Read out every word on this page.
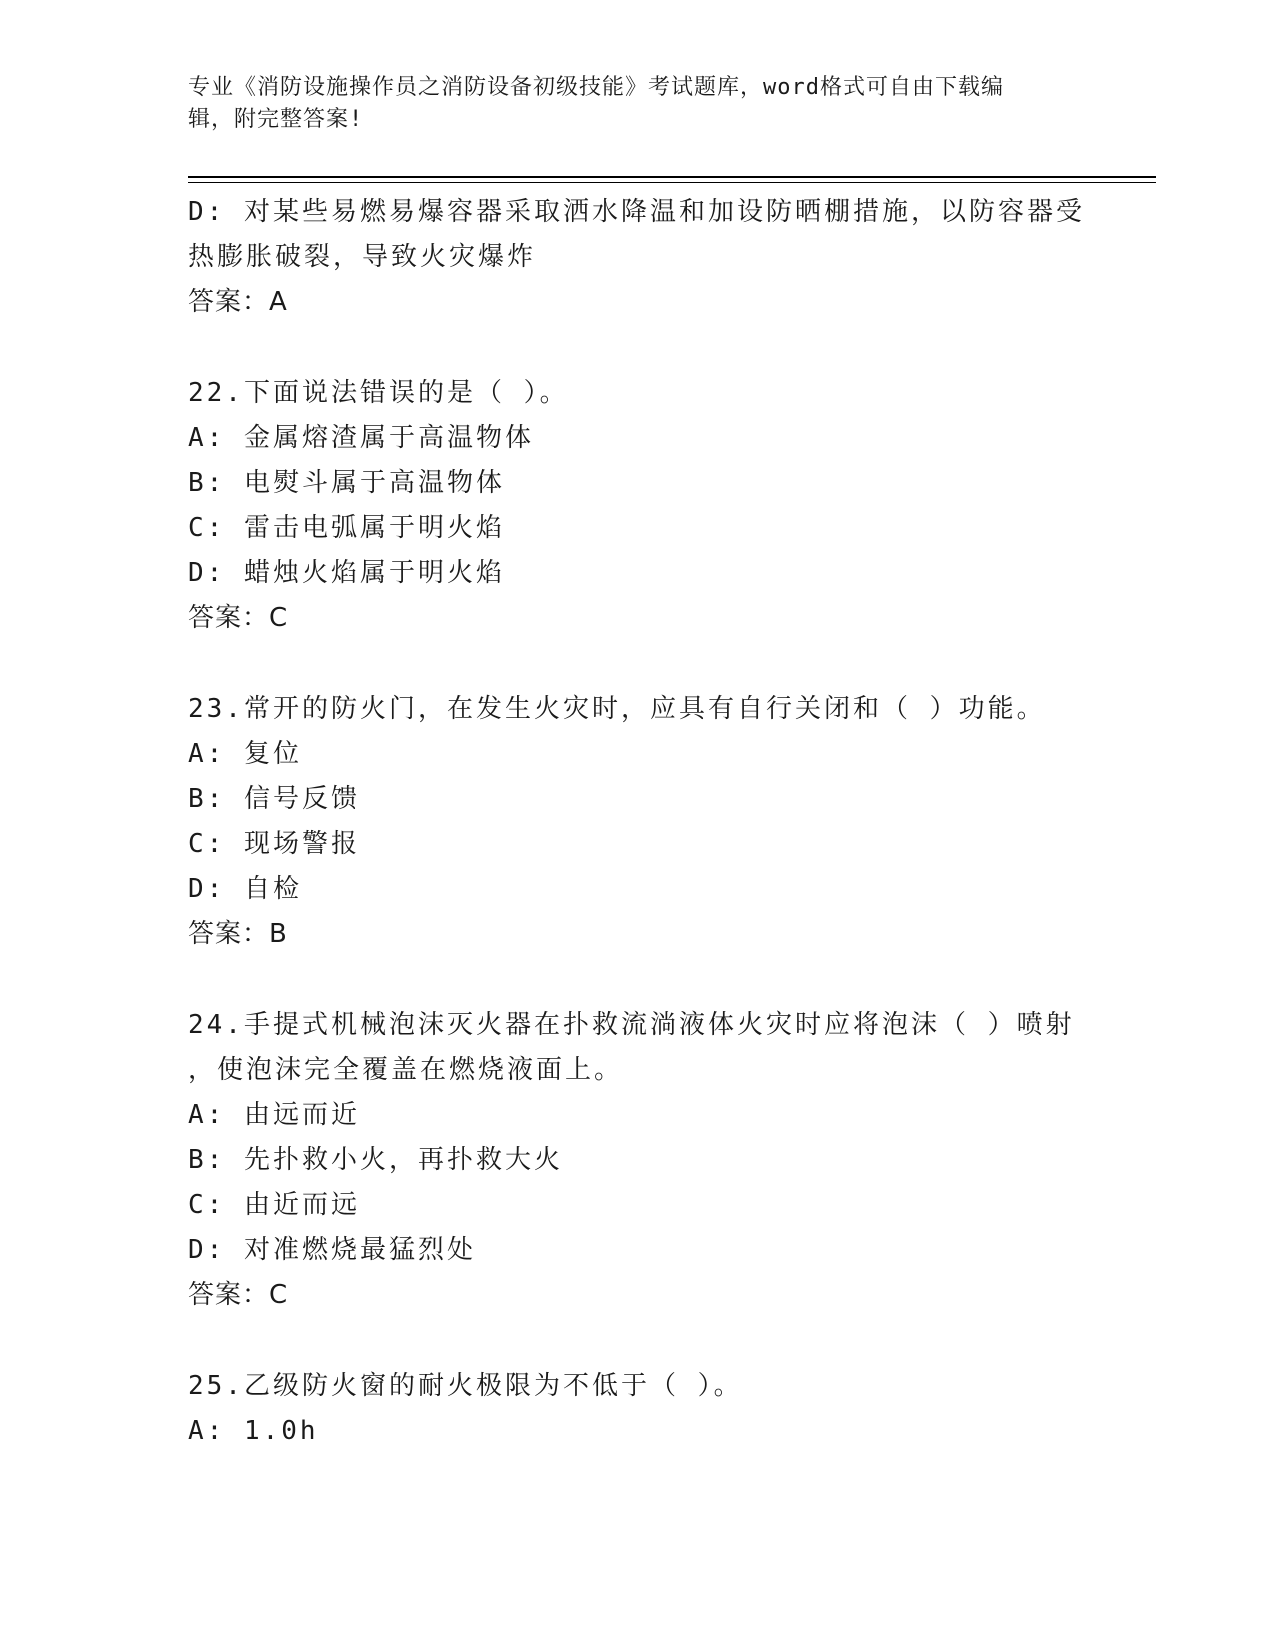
专业《消防设施操作员之消防设备初级技能》考试题库，word格式可自由下载编
辑，附完整答案!
D: 对某些易燃易爆容器采取洒水降温和加设防晒棚措施，以防容器受
热膨胀破裂，导致火灾爆炸
答案：A
22.下面说法错误的是（ ）。
A: 金属熔渣属于高温物体
B: 电熨斗属于高温物体
C: 雷击电弧属于明火焰
D: 蜡烛火焰属于明火焰
答案：C
23.常开的防火门，在发生火灾时，应具有自行关闭和（ ）功能。
A: 复位
B: 信号反馈
C: 现场警报
D: 自检
答案：B
24.手提式机械泡沫灭火器在扑救流淌液体火灾时应将泡沫（ ）喷射
，使泡沫完全覆盖在燃烧液面上。
A: 由远而近
B: 先扑救小火，再扑救大火
C: 由近而远
D: 对准燃烧最猛烈处
答案：C
25.乙级防火窗的耐火极限为不低于（ ）。
A: 1.0h
